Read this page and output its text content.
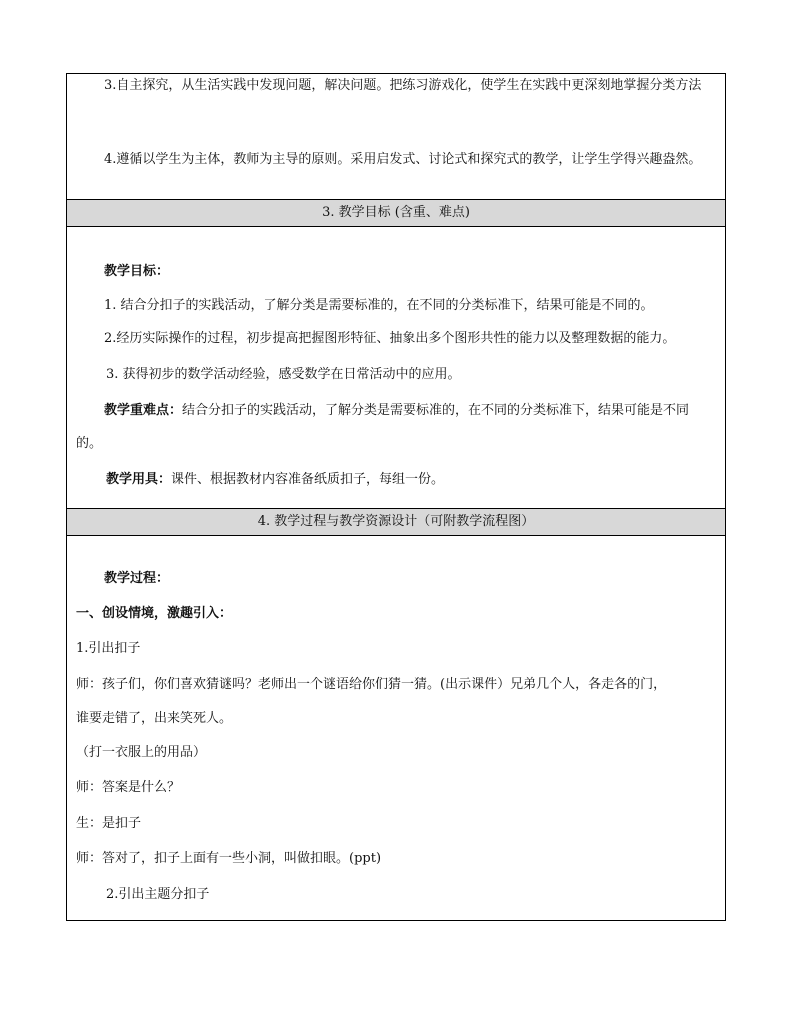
3.自主探究，从生活实践中发现问题，解决问题。把练习游戏化，使学生在实践中更深刻地掌握分类方法
4.遵循以学生为主体，教师为主导的原则。采用启发式、讨论式和探究式的教学，让学生学得兴趣盎然。
3. 教学目标 (含重、难点)
教学目标：
1. 结合分扣子的实践活动，了解分类是需要标准的，在不同的分类标准下，结果可能是不同的。
2.经历实际操作的过程，初步提高把握图形特征、抽象出多个图形共性的能力以及整理数据的能力。
3. 获得初步的数学活动经验，感受数学在日常活动中的应用。
教学重难点：结合分扣子的实践活动，了解分类是需要标准的，在不同的分类标准下，结果可能是不同
的。
教学用具：课件、根据教材内容准备纸质扣子，每组一份。
4. 教学过程与教学资源设计（可附教学流程图）
教学过程：
一、创设情境，激趣引入：
1.引出扣子
师：孩子们，你们喜欢猜谜吗？老师出一个谜语给你们猜一猜。(出示课件）兄弟几个人，各走各的门，
谁要走错了，出来笑死人。
（打一衣服上的用品）
师：答案是什么？
生：是扣子
师：答对了，扣子上面有一些小洞，叫做扣眼。(ppt)
2.引出主题分扣子
